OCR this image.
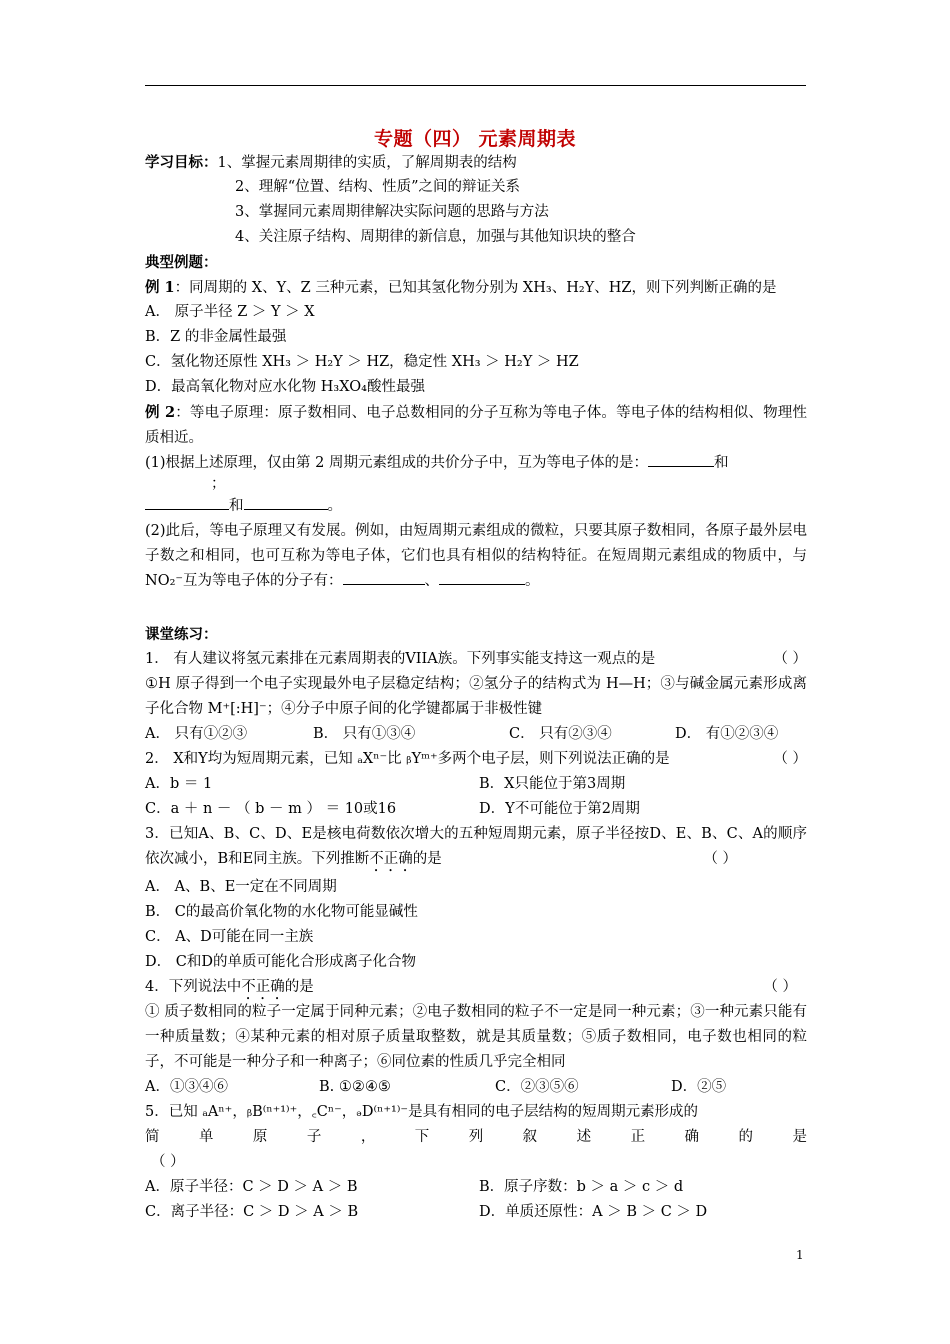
专题（四） 元素周期表
学习目标：1、掌握元素周期律的实质，了解周期表的结构
2、理解“位置、结构、性质”之间的辩证关系
3、掌握同元素周期律解决实际问题的思路与方法
4、关注原子结构、周期律的新信息，加强与其他知识块的整合
典型例题：
例 1：同周期的 X、Y、Z 三种元素，已知其氢化物分别为 XH₃、H₂Y、HZ，则下列判断正确的是
A． 原子半径 Z ＞ Y ＞ X
B．Z 的非金属性最强
C．氢化物还原性 XH₃ ＞ H₂Y ＞ HZ，稳定性 XH₃ ＞ H₂Y ＞ HZ
D．最高氧化物对应水化物 H₃XO₄酸性最强
例 2：等电子原理：原子数相同、电子总数相同的分子互称为等电子体。等电子体的结构相似、物理性质相近。
(1)根据上述原理，仅由第 2 周期元素组成的共价分子中，互为等电子体的是：	和
；
和	。
(2)此后，等电子原理又有发展。例如，由短周期元素组成的微粒，只要其原子数相同，各原子最外层电子数之和相同，也可互称为等电子体，它们也具有相似的结构特征。在短周期元素组成的物质中，与 NO₂⁻互为等电子体的分子有：	、	。
课堂练习：
1． 有人建议将氢元素排在元素周期表的VIIA族。下列事实能支持这一观点的是	（ ）
①H 原子得到一个电子实现最外电子层稳定结构；②氢分子的结构式为 H—H；③与碱金属元素形成离子化合物 M⁺[:H]⁻；④分子中原子间的化学键都属于非极性键
A． 只有①②③	B． 只有①③④	C． 只有②③④	D． 有①②③④
2． X和Y均为短周期元素，已知 ₐXⁿ⁻比 ᵦYᵐ⁺多两个电子层，则下列说法正确的是	（ ）
A．b ＝ 1	B．X只能位于第3周期
C．a ＋ n － （ b － m ） ＝ 10或16	D．Y不可能位于第2周期
3．已知A、B、C、D、E是核电荷数依次增大的五种短周期元素，原子半径按D、E、B、C、A的顺序依次减小，B和E同主族。下列推断不正确的是	（ ）
A． A、B、E一定在不同周期
B． C的最高价氧化物的水化物可能显碱性
C． A、D可能在同一主族
D． C和D的单质可能化合形成离子化合物
4．下列说法中不正确的是	（ ）
① 质子数相同的粒子一定属于同种元素；②电子数相同的粒子不一定是同一种元素；③一种元素只能有一种质量数；④某种元素的相对原子质量取整数，就是其质量数；⑤质子数相同，电子数也相同的粒子，不可能是一种分子和一种离子；⑥同位素的性质几乎完全相同
A．①③④⑥	B. ①②④⑤	C．②③⑤⑥	D．②⑤
5．已知 ₐAⁿ⁺，ᵦB⁽ⁿ⁺¹⁾⁺，꜀Cⁿ⁻，ₔD⁽ⁿ⁺¹⁾⁻是具有相同的电子层结构的短周期元素形成的
简	单	原	子	，	下	列	叙	述	正	确	的	是
（ ）
A．原子半径：C ＞ D ＞ A ＞ B	B．原子序数：b ＞ a ＞ c ＞ d
C．离子半径：C ＞ D ＞ A ＞ B	D．单质还原性：A ＞ B ＞ C ＞ D
1
